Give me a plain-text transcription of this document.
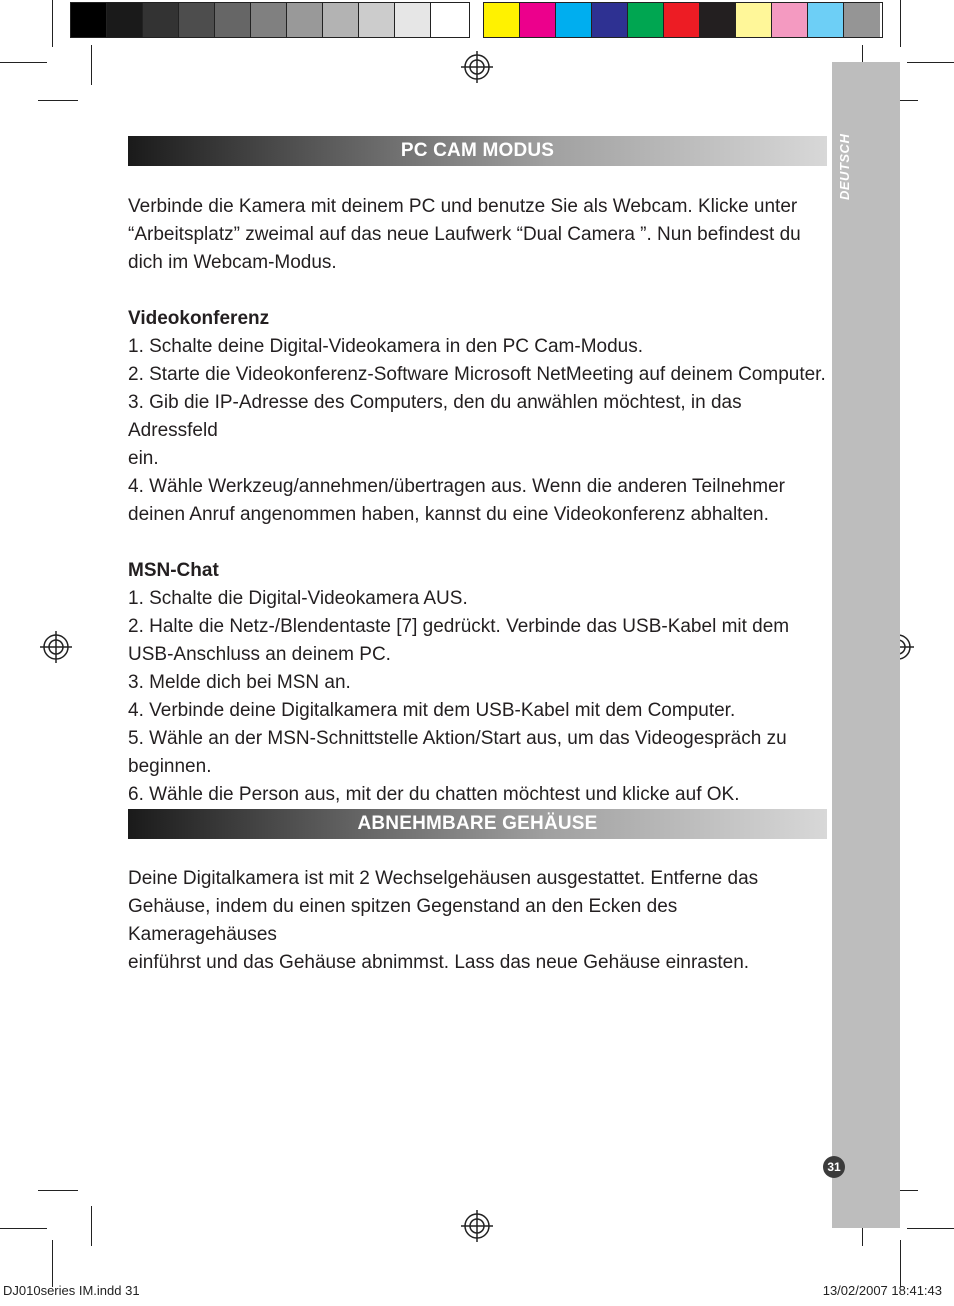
DEUTSCH
PC CAM MODUS

Verbinde die Kamera mit deinem PC und benutze Sie als Webcam. Klicke unter

“Arbeitsplatz” zweimal auf das neue Laufwerk “Dual Camera ”. Nun befindest du

dich im Webcam-Modus.

Videokonferenz

1. Schalte deine Digital-Videokamera in den PC Cam-Modus.

2. Starte die Videokonferenz-Software Microsoft NetMeeting auf deinem Computer.

3. Gib die IP-Adresse des Computers, den du anwählen möchtest, in das Adressfeld

ein.

4. Wähle Werkzeug/annehmen/übertragen aus. Wenn die anderen Teilnehmer

deinen Anruf angenommen haben, kannst du eine Videokonferenz abhalten.

MSN-Chat

1. Schalte die Digital-Videokamera AUS.

2. Halte die Netz-/Blendentaste [7] gedrückt. Verbinde das USB-Kabel mit dem

USB-Anschluss an deinem PC.

3. Melde dich bei MSN an.

4. Verbinde deine Digitalkamera mit dem USB-Kabel mit dem Computer.

5. Wähle an der MSN-Schnittstelle Aktion/Start aus, um das Videogespräch zu

beginnen.

6. Wähle die Person aus, mit der du chatten möchtest und klicke auf OK.

ABNEHMBARE GEHÄUSE

Deine Digitalkamera ist mit 2 Wechselgehäusen ausgestattet. Entferne das

Gehäuse, indem du einen spitzen Gegenstand an den Ecken des Kameragehäuses

einführst und das Gehäuse abnimmst. Lass das neue Gehäuse einrasten.

31
DJ010series IM.indd 31	13/02/2007 18:41:43
